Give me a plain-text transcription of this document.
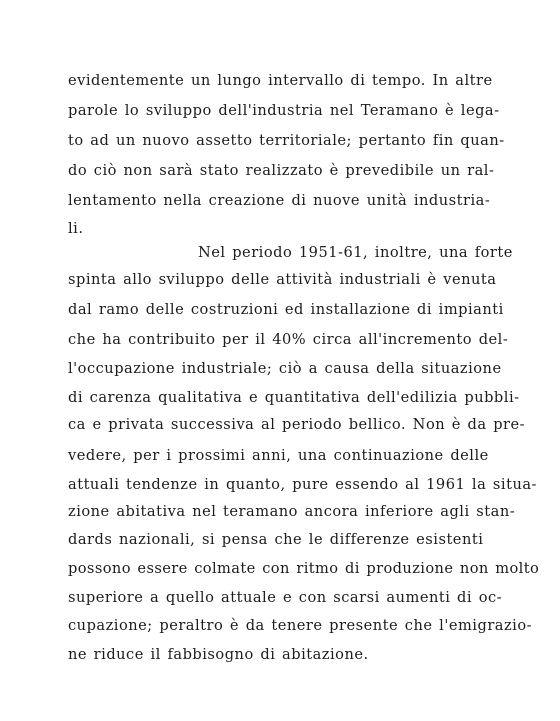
evidentemente un lungo intervallo di tempo. In altre
parole lo sviluppo dell'industria nel Teramano è lega-
to ad un nuovo assetto territoriale; pertanto fin quan-
do ciò non sarà stato realizzato è prevedibile un ral-
lentamento nella creazione di nuove unità industria-
li.
Nel periodo 1951-61, inoltre, una forte
spinta allo sviluppo delle attività industriali è venuta
dal ramo delle costruzioni ed installazione di impianti
che ha contribuito per il 40% circa all'incremento del-
l'occupazione industriale; ciò a causa della situazione
di carenza qualitativa e quantitativa dell'edilizia pubbli-
ca e privata successiva al periodo bellico. Non è da pre-
vedere, per i prossimi anni, una continuazione delle
attuali tendenze in quanto, pure essendo al 1961 la situa-
zione abitativa nel teramano ancora inferiore agli stan-
dards nazionali, si pensa che le differenze esistenti
possono essere colmate con ritmo di produzione non molto
superiore a quello attuale e con scarsi aumenti di oc-
cupazione; peraltro è da tenere presente che l'emigrazio-
ne riduce il fabbisogno di abitazione.
